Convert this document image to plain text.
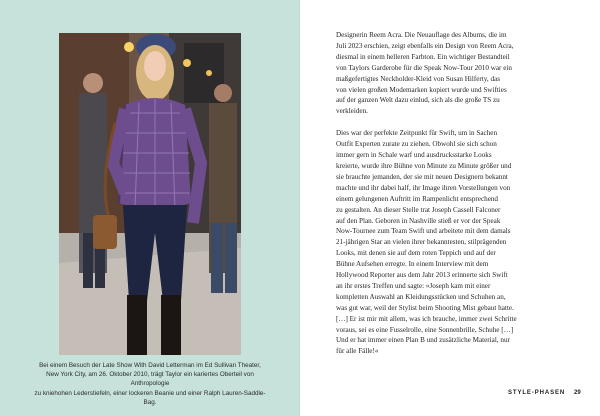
Bei einem Besuch der Late Show With David Letterman im Ed Sullivan Theater,
New York City, am 26. Oktober 2010, trägt Taylor ein kariertes Oberteil von Anthropologie
zu kniehohen Lederstiefeln, einer lockeren Beanie und einer Ralph Lauren-Saddle-Bag.

Designerin Reem Acra. Die Neuauflage des Albums, die im
Juli 2023 erschien, zeigt ebenfalls ein Design von Reem Acra,
diesmal in einem helleren Farbton. Ein wichtiger Bestandteil
von Taylors Garderobe für die Speak Now-Tour 2010 war ein
maßgefertigtes Neckholder-Kleid von Susan Hilferty, das
von vielen großen Modemarken kopiert wurde und Swifties
auf der ganzen Welt dazu einlud, sich als die große TS zu
verkleiden.

Dies war der perfekte Zeitpunkt für Swift, um in Sachen
Outfit Experten zurate zu ziehen. Obwohl sie sich schon
immer gern in Schale warf und ausdrucksstarke Looks
kreierte, wurde ihre Bühne von Minute zu Minute größer und
sie brauchte jemanden, der sie mit neuen Designern bekannt
machte und ihr dabei half, ihr Image ihren Vorstellungen von
einem gelungenen Auftritt im Rampenlicht entsprechend
zu gestalten. An dieser Stelle trat Joseph Cassell Falconer
auf den Plan. Geboren in Nashville stieß er vor der Speak
Now-Tournee zum Team Swift und arbeitete mit dem damals
21-jährigen Star an vielen ihrer bekanntesten, stilprägenden
Looks, mit denen sie auf dem roten Teppich und auf der
Bühne Aufsehen erregte. In einem Interview mit dem
Hollywood Reporter aus dem Jahr 2013 erinnerte sich Swift
an ihr erstes Treffen und sagte: »Joseph kam mit einer
kompletten Auswahl an Kleidungsstücken und Schuhen an,
was gut war, weil der Stylist beim Shooting Mist gebaut hatte.
[…] Er ist mir mit allem, was ich brauche, immer zwei Schritte
voraus, sei es eine Fusselrolle, eine Sonnenbrille, Schuhe […]
Und er hat immer einen Plan B und zusätzliche Material, nur
für alle Fälle!«

STYLE-PHASEN 29
